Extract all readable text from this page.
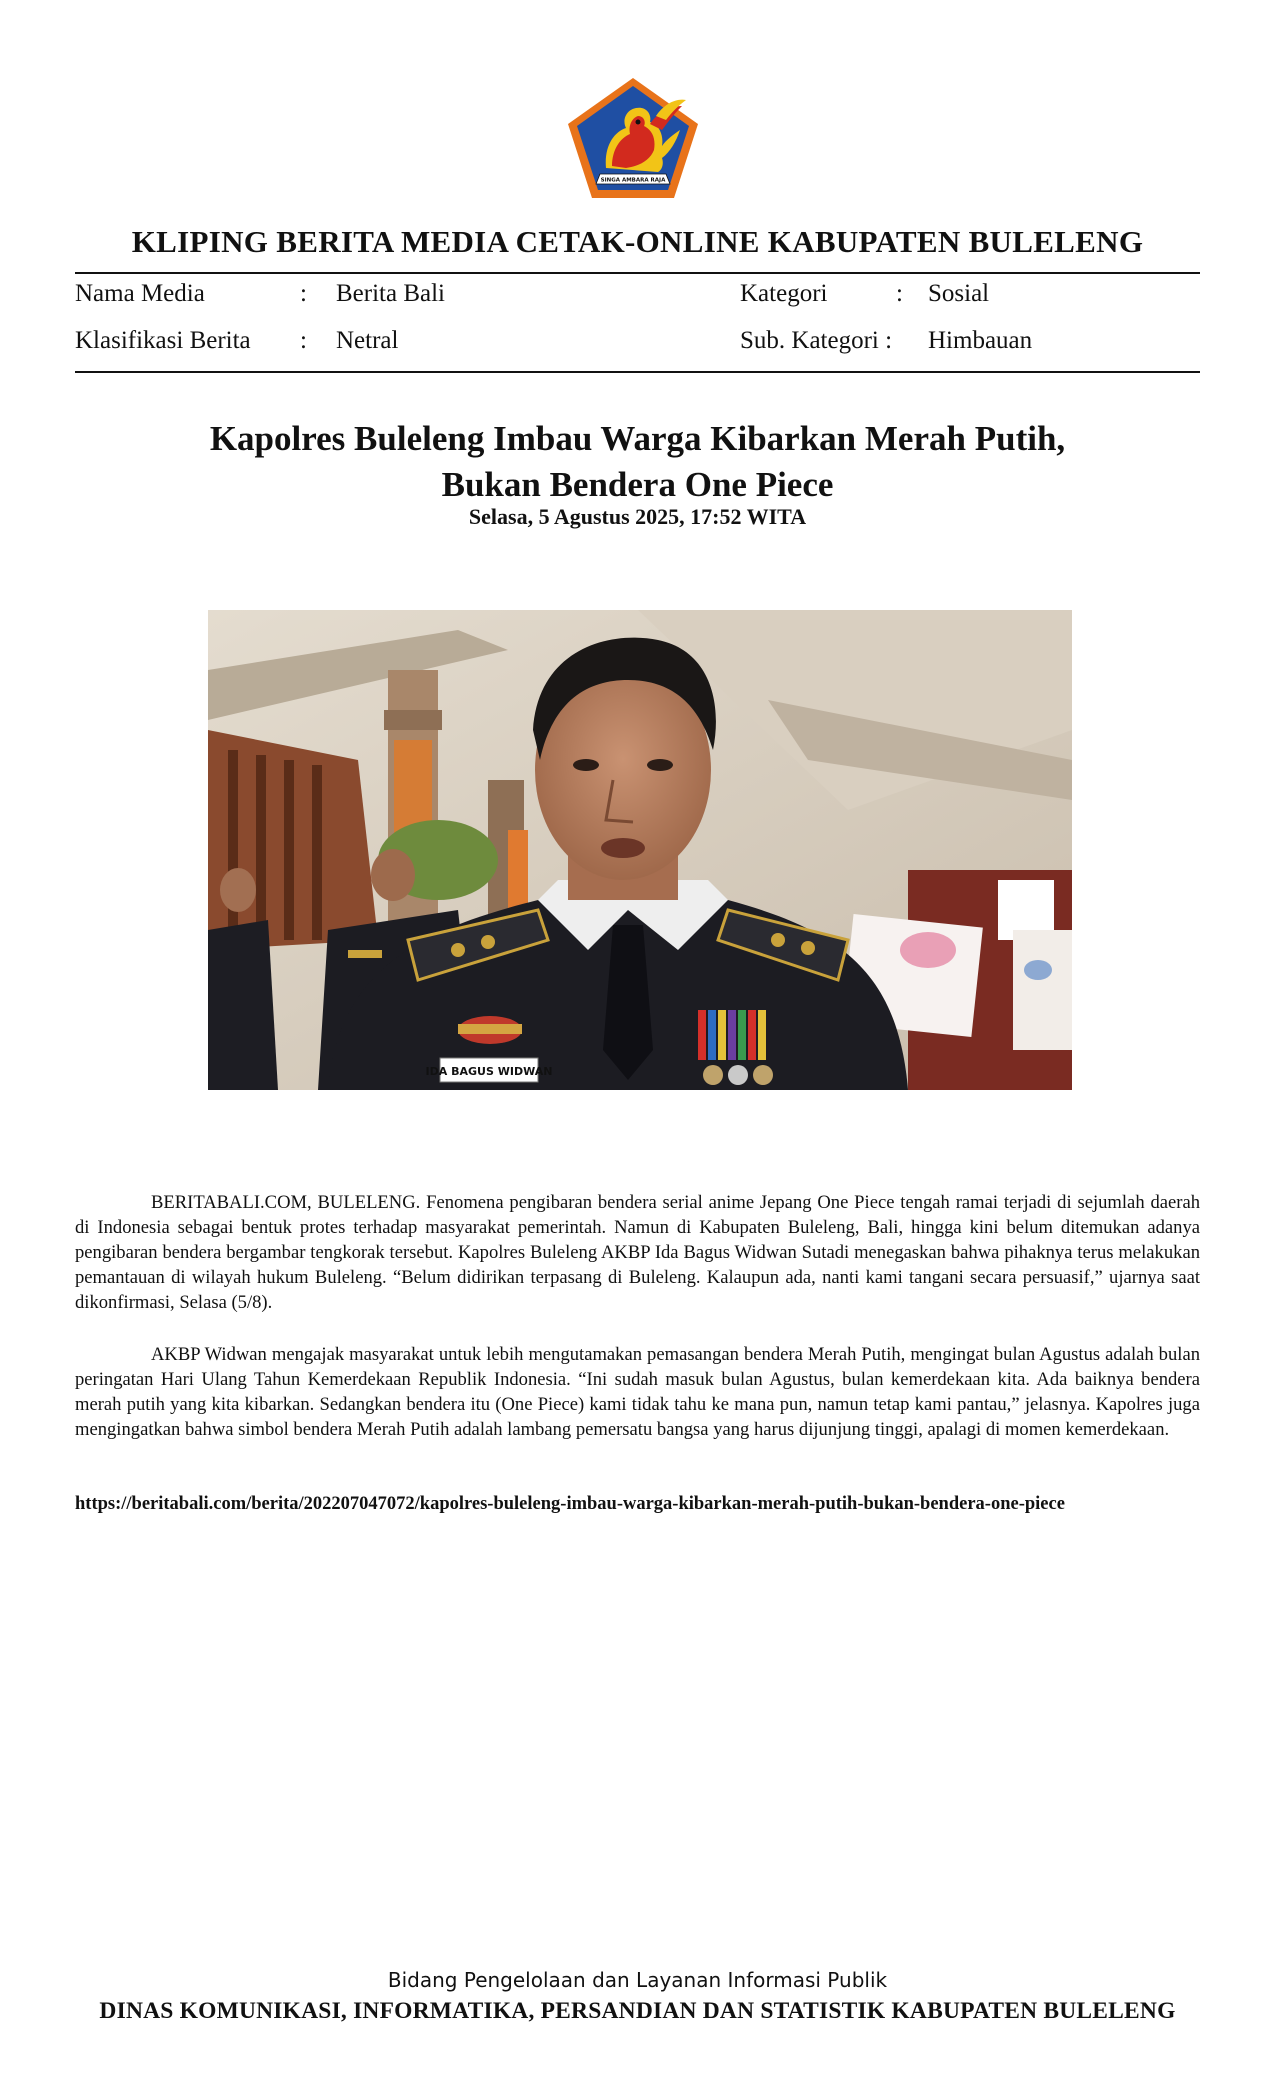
SINGA AMBARA RAJA
KLIPING BERITA MEDIA CETAK-ONLINE KABUPATEN BULELENG
Nama Media	: Berita Bali
Klasifikasi Berita : Netral
Kategori	: Sosial
Sub. Kategori : Himbauan
Kapolres Buleleng Imbau Warga Kibarkan Merah Putih,
Bukan Bendera One Piece
Selasa, 5 Agustus 2025, 17:52 WITA
IDA BAGUS WIDWAN

BERITABALI.COM, BULELENG. Fenomena pengibaran bendera serial anime Jepang One Piece tengah ramai terjadi di sejumlah daerah di Indonesia sebagai bentuk protes terhadap masyarakat pemerintah. Namun di Kabupaten Buleleng, Bali, hingga kini belum ditemukan adanya pengibaran bendera bergambar tengkorak tersebut. Kapolres Buleleng AKBP Ida Bagus Widwan Sutadi menegaskan bahwa pihaknya terus melakukan pemantauan di wilayah hukum Buleleng. “Belum didirikan terpasang di Buleleng. Kalaupun ada, nanti kami tangani secara persuasif,” ujarnya saat dikonfirmasi, Selasa (5/8).

AKBP Widwan mengajak masyarakat untuk lebih mengutamakan pemasangan bendera Merah Putih, mengingat bulan Agustus adalah bulan peringatan Hari Ulang Tahun Kemerdekaan Republik Indonesia. “Ini sudah masuk bulan Agustus, bulan kemerdekaan kita. Ada baiknya bendera merah putih yang kita kibarkan. Sedangkan bendera itu (One Piece) kami tidak tahu ke mana pun, namun tetap kami pantau,” jelasnya. Kapolres juga mengingatkan bahwa simbol bendera Merah Putih adalah lambang pemersatu bangsa yang harus dijunjung tinggi, apalagi di momen kemerdekaan.

https://beritabali.com/berita/202207047072/kapolres-buleleng-imbau-warga-kibarkan-merah-putih-bukan-bendera-one-piece
Bidang Pengelolaan dan Layanan Informasi Publik
DINAS KOMUNIKASI, INFORMATIKA, PERSANDIAN DAN STATISTIK KABUPATEN BULELENG
